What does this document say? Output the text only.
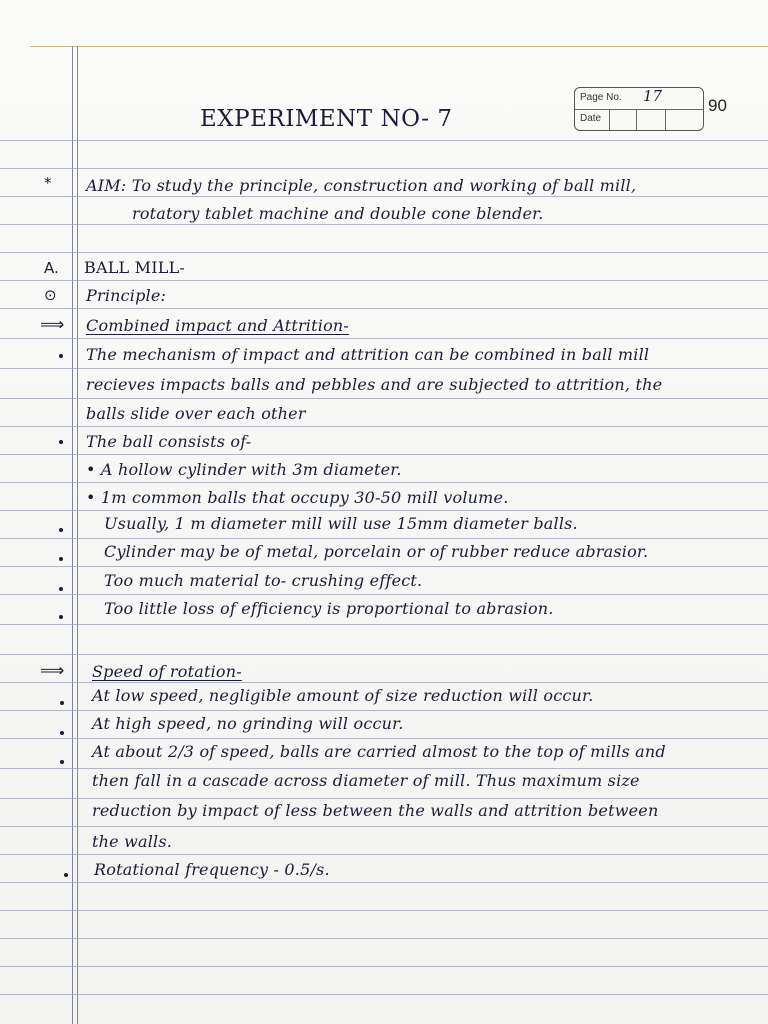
EXPERIMENT NO- 7
Page No. 17
Date
90
* AIM: To study the principle, construction and working of ball mill,
rotatory tablet machine and double cone blender.
A. BALL MILL-
⊙ Principle:
⟹ Combined impact and Attrition-
The mechanism of impact and attrition can be combined in ball mill
recieves impacts balls and pebbles and are subjected to attrition, the
balls slide over each other
The ball consists of-
• A hollow cylinder with 3m diameter.
• 1m common balls that occupy 30-50 mill volume.
Usually, 1 m diameter mill will use 15mm diameter balls.
Cylinder may be of metal, porcelain or of rubber reduce abrasior.
Too much material to- crushing effect.
Too little loss of efficiency is proportional to abrasion.
⟹ Speed of rotation-
At low speed, negligible amount of size reduction will occur.
At high speed, no grinding will occur.
At about 2/3 of speed, balls are carried almost to the top of mills and
then fall in a cascade across diameter of mill. Thus maximum size
reduction by impact of less between the walls and attrition between
the walls.
Rotational frequency - 0.5/s.
